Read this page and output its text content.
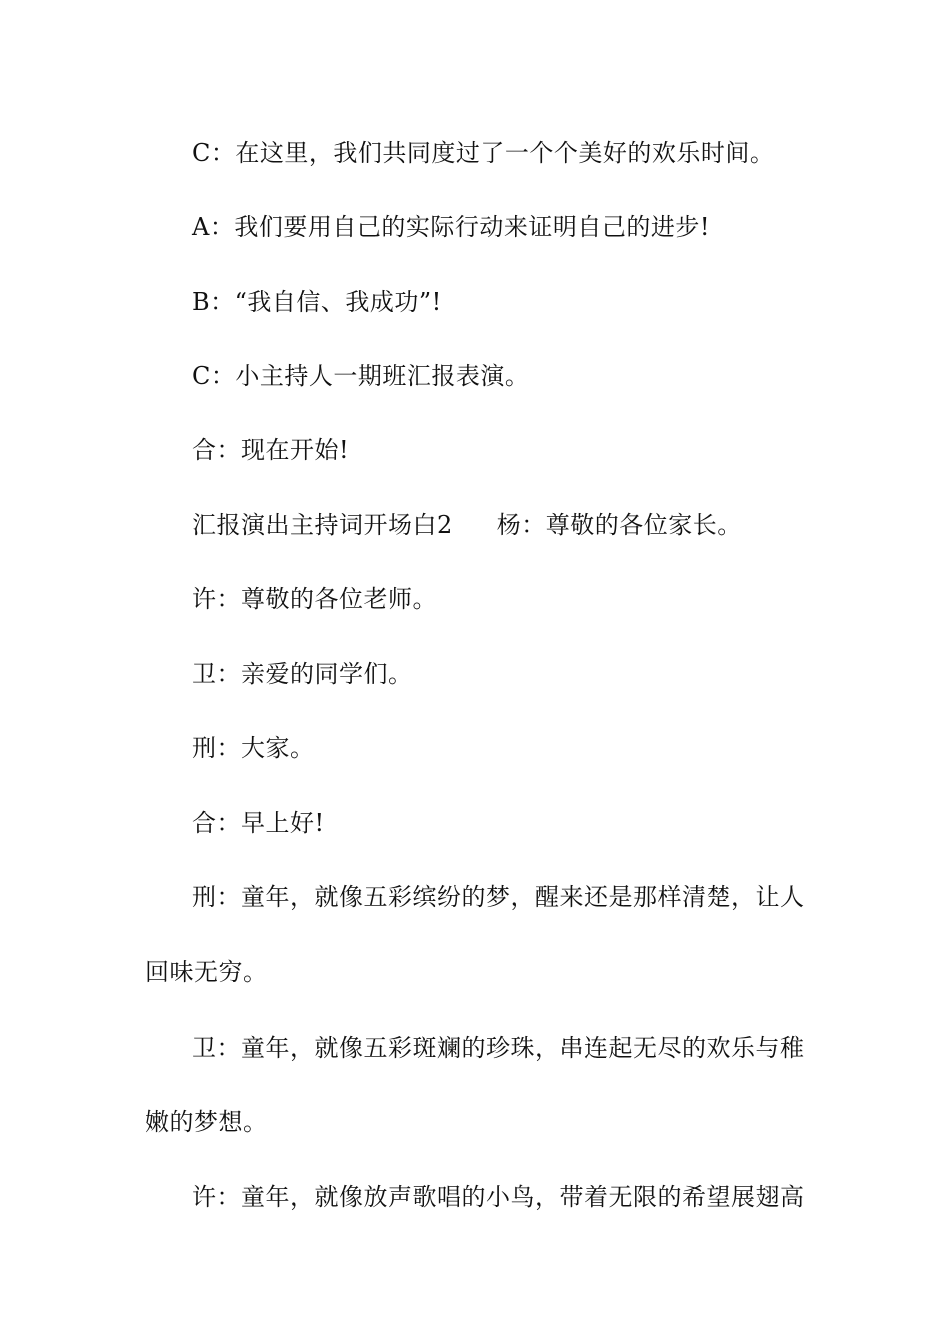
C：在这里，我们共同度过了一个个美好的欢乐时间。

A：我们要用自己的实际行动来证明自己的进步!

B：“我自信、我成功”!

C：小主持人一期班汇报表演。

合：现在开始!

汇报演出主持词开场白2 杨：尊敬的各位家长。

许：尊敬的各位老师。

卫：亲爱的同学们。

刑：大家。

合：早上好!

刑：童年，就像五彩缤纷的梦，醒来还是那样清楚，让人

回味无穷。

卫：童年，就像五彩斑斓的珍珠，串连起无尽的欢乐与稚

嫩的梦想。

许：童年，就像放声歌唱的小鸟，带着无限的希望展翅高
